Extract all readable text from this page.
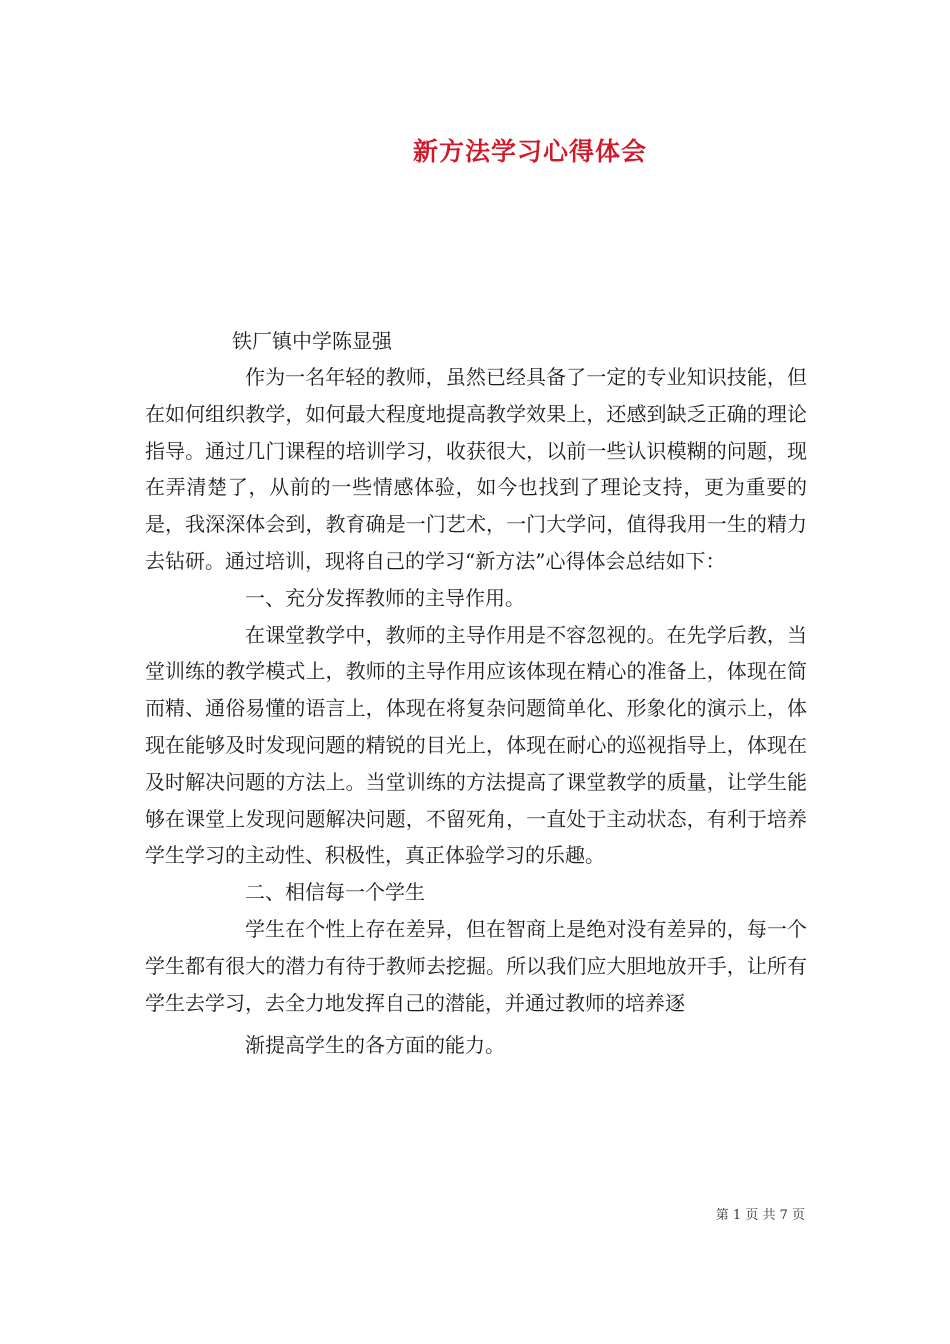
新方法学习心得体会
铁厂镇中学陈显强

作为一名年轻的教师，虽然已经具备了一定的专业知识技能，但在如何组织教学，如何最大程度地提高教学效果上，还感到缺乏正确的理论指导。通过几门课程的培训学习，收获很大，以前一些认识模糊的问题，现在弄清楚了，从前的一些情感体验，如今也找到了理论支持，更为重要的是，我深深体会到，教育确是一门艺术，一门大学问，值得我用一生的精力去钻研。通过培训，现将自己的学习“新方法”心得体会总结如下：

一、充分发挥教师的主导作用。

在课堂教学中，教师的主导作用是不容忽视的。在先学后教，当堂训练的教学模式上，教师的主导作用应该体现在精心的准备上，体现在简而精、通俗易懂的语言上，体现在将复杂问题简单化、形象化的演示上，体现在能够及时发现问题的精锐的目光上，体现在耐心的巡视指导上，体现在及时解决问题的方法上。当堂训练的方法提高了课堂教学的质量，让学生能够在课堂上发现问题解决问题，不留死角，一直处于主动状态，有利于培养学生学习的主动性、积极性，真正体验学习的乐趣。

二、相信每一个学生

学生在个性上存在差异，但在智商上是绝对没有差异的，每一个学生都有很大的潜力有待于教师去挖掘。所以我们应大胆地放开手，让所有学生去学习，去全力地发挥自己的潜能，并通过教师的培养逐

渐提高学生的各方面的能力。

第 1 页 共 7 页
